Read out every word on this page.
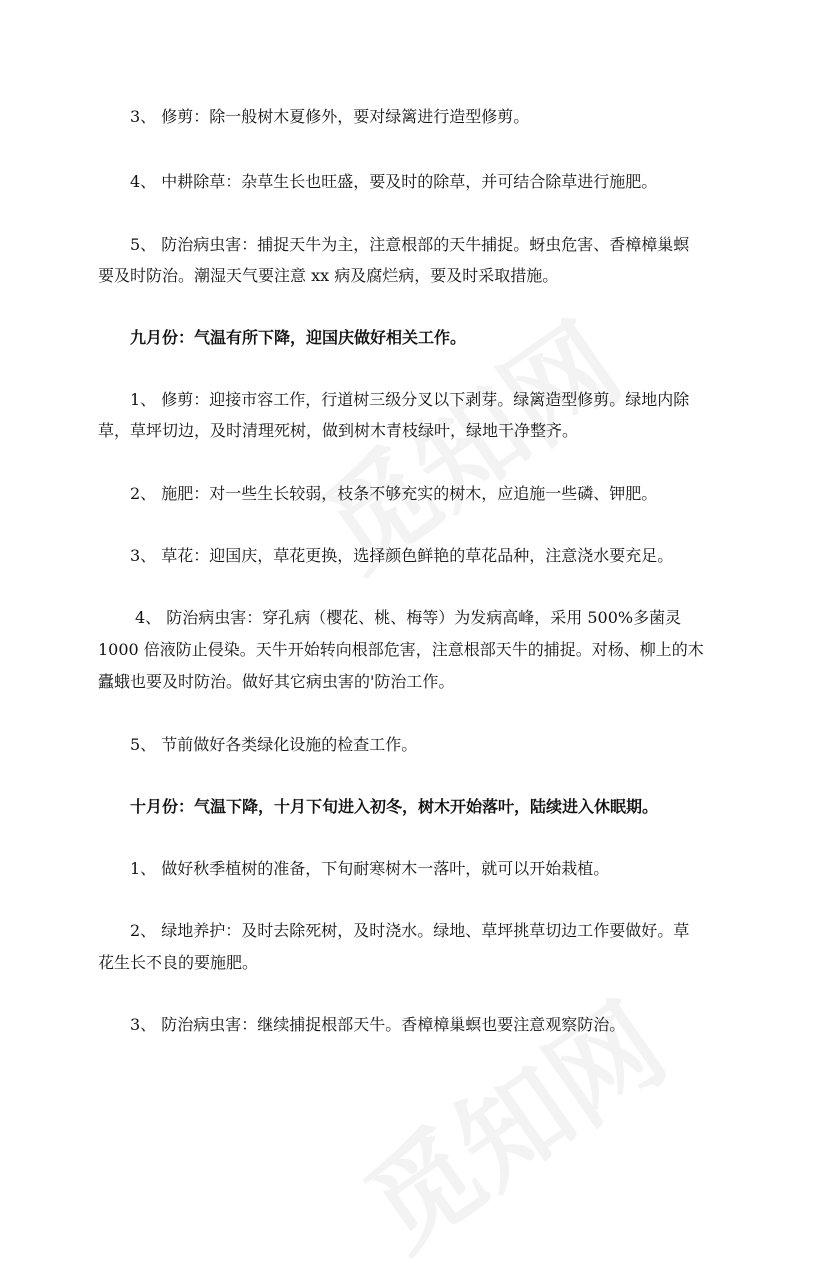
3、 修剪：除一般树木夏修外，要对绿篱进行造型修剪。

4、 中耕除草：杂草生长也旺盛，要及时的除草，并可结合除草进行施肥。

5、 防治病虫害：捕捉天牛为主，注意根部的天牛捕捉。蚜虫危害、香樟樟巢螟

要及时防治。潮湿天气要注意 xx 病及腐烂病，要及时采取措施。

九月份：气温有所下降，迎国庆做好相关工作。

1、 修剪：迎接市容工作，行道树三级分叉以下剥芽。绿篱造型修剪。绿地内除

草，草坪切边，及时清理死树，做到树木青枝绿叶，绿地干净整齐。

2、 施肥：对一些生长较弱，枝条不够充实的树木，应追施一些磷、钾肥。

3、 草花：迎国庆，草花更换，选择颜色鲜艳的草花品种，注意浇水要充足。

4、 防治病虫害：穿孔病（樱花、桃、梅等）为发病高峰，采用 500%多菌灵

1000 倍液防止侵染。天牛开始转向根部危害，注意根部天牛的捕捉。对杨、柳上的木

蠹蛾也要及时防治。做好其它病虫害的'防治工作。

5、 节前做好各类绿化设施的检查工作。

十月份：气温下降，十月下旬进入初冬，树木开始落叶，陆续进入休眠期。

1、 做好秋季植树的准备，下旬耐寒树木一落叶，就可以开始栽植。

2、 绿地养护：及时去除死树，及时浇水。绿地、草坪挑草切边工作要做好。草

花生长不良的要施肥。

3、 防治病虫害：继续捕捉根部天牛。香樟樟巢螟也要注意观察防治。
